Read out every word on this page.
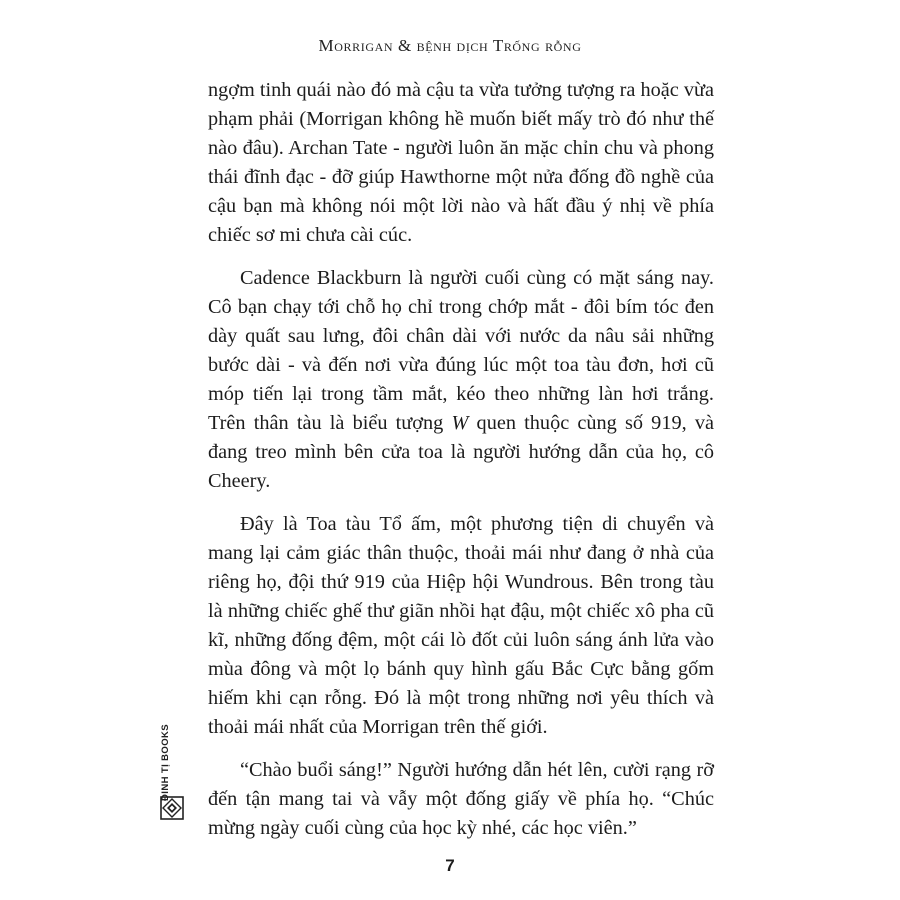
Morrigan & bệnh dịch Trống rỗng

ngợm tinh quái nào đó mà cậu ta vừa tưởng tượng ra hoặc vừa phạm phải (Morrigan không hề muốn biết mấy trò đó như thế nào đâu). Archan Tate - người luôn ăn mặc chỉn chu và phong thái đĩnh đạc - đỡ giúp Hawthorne một nửa đống đồ nghề của cậu bạn mà không nói một lời nào và hất đầu ý nhị về phía chiếc sơ mi chưa cài cúc.

Cadence Blackburn là người cuối cùng có mặt sáng nay. Cô bạn chạy tới chỗ họ chỉ trong chớp mắt - đôi bím tóc đen dày quất sau lưng, đôi chân dài với nước da nâu sải những bước dài - và đến nơi vừa đúng lúc một toa tàu đơn, hơi cũ móp tiến lại trong tầm mắt, kéo theo những làn hơi trắng. Trên thân tàu là biểu tượng W quen thuộc cùng số 919, và đang treo mình bên cửa toa là người hướng dẫn của họ, cô Cheery.

Đây là Toa tàu Tổ ấm, một phương tiện di chuyển và mang lại cảm giác thân thuộc, thoải mái như đang ở nhà của riêng họ, đội thứ 919 của Hiệp hội Wundrous. Bên trong tàu là những chiếc ghế thư giãn nhồi hạt đậu, một chiếc xô pha cũ kĩ, những đống đệm, một cái lò đốt củi luôn sáng ánh lửa vào mùa đông và một lọ bánh quy hình gấu Bắc Cực bằng gốm hiếm khi cạn rỗng. Đó là một trong những nơi yêu thích và thoải mái nhất của Morrigan trên thế giới.

“Chào buổi sáng!” Người hướng dẫn hét lên, cười rạng rỡ đến tận mang tai và vẫy một đống giấy về phía họ. “Chúc mừng ngày cuối cùng của học kỳ nhé, các học viên.”

ĐINH TỊ BOOKS
7
